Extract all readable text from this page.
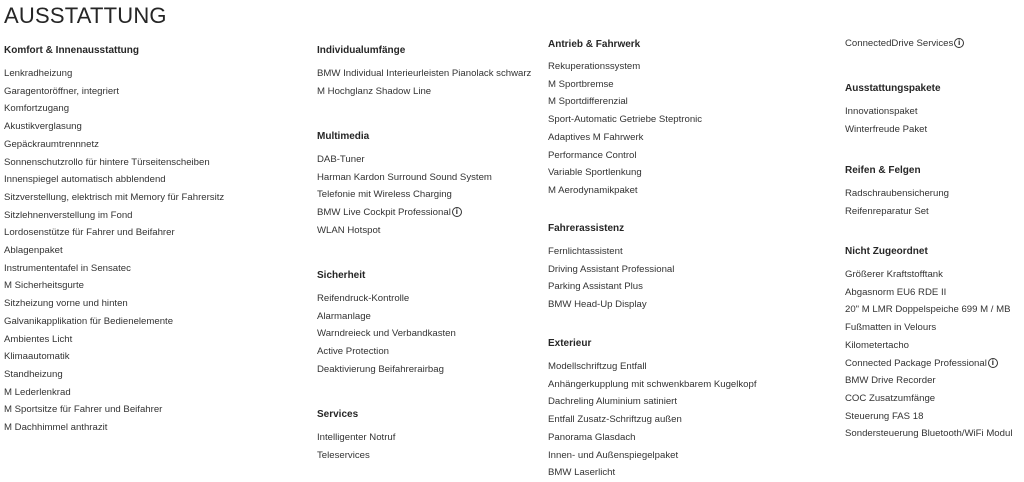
AUSSTATTUNG
Komfort & Innenausstattung
Lenkradheizung
Garagentoröffner, integriert
Komfortzugang
Akustikverglasung
Gepäckraumtrennnetz
Sonnenschutzrollo für hintere Türseitenscheiben
Innenspiegel automatisch abblendend
Sitzverstellung, elektrisch mit Memory für Fahrersitz
Sitzlehnenverstellung im Fond
Lordosenstütze für Fahrer und Beifahrer
Ablagenpaket
Instrumententafel in Sensatec
M Sicherheitsgurte
Sitzheizung vorne und hinten
Galvanikapplikation für Bedienelemente
Ambientes Licht
Klimaautomatik
Standheizung
M Lederlenkrad
M Sportsitze für Fahrer und Beifahrer
M Dachhimmel anthrazit
Individualumfänge
BMW Individual Interieurleisten Pianolack schwarz
M Hochglanz Shadow Line
Multimedia
DAB-Tuner
Harman Kardon Surround Sound System
Telefonie mit Wireless Charging
BMW Live Cockpit Professional i
WLAN Hotspot
Sicherheit
Reifendruck-Kontrolle
Alarmanlage
Warndreieck und Verbandkasten
Active Protection
Deaktivierung Beifahrerairbag
Services
Intelligenter Notruf
Teleservices
Antrieb & Fahrwerk
Rekuperationssystem
M Sportbremse
M Sportdifferenzial
Sport-Automatic Getriebe Steptronic
Adaptives M Fahrwerk
Performance Control
Variable Sportlenkung
M Aerodynamikpaket
Fahrerassistenz
Fernlichtassistent
Driving Assistant Professional
Parking Assistant Plus
BMW Head-Up Display
Exterieur
Modellschriftzug Entfall
Anhängerkupplung mit schwenkbarem Kugelkopf
Dachreling Aluminium satiniert
Entfall Zusatz-Schriftzug außen
Panorama Glasdach
Innen- und Außenspiegelpaket
BMW Laserlicht
ConnectedDrive Services i
Ausstattungspakete
Innovationspaket
Winterfreude Paket
Reifen & Felgen
Radschraubensicherung
Reifenreparatur Set
Nicht Zugeordnet
Größerer Kraftstofftank
Abgasnorm EU6 RDE II
20" M LMR Doppelspeiche 699 M / MB
Fußmatten in Velours
Kilometertacho
Connected Package Professional i
BMW Drive Recorder
COC Zusatzumfänge
Steuerung FAS 18
Sondersteuerung Bluetooth/WiFi Modul
